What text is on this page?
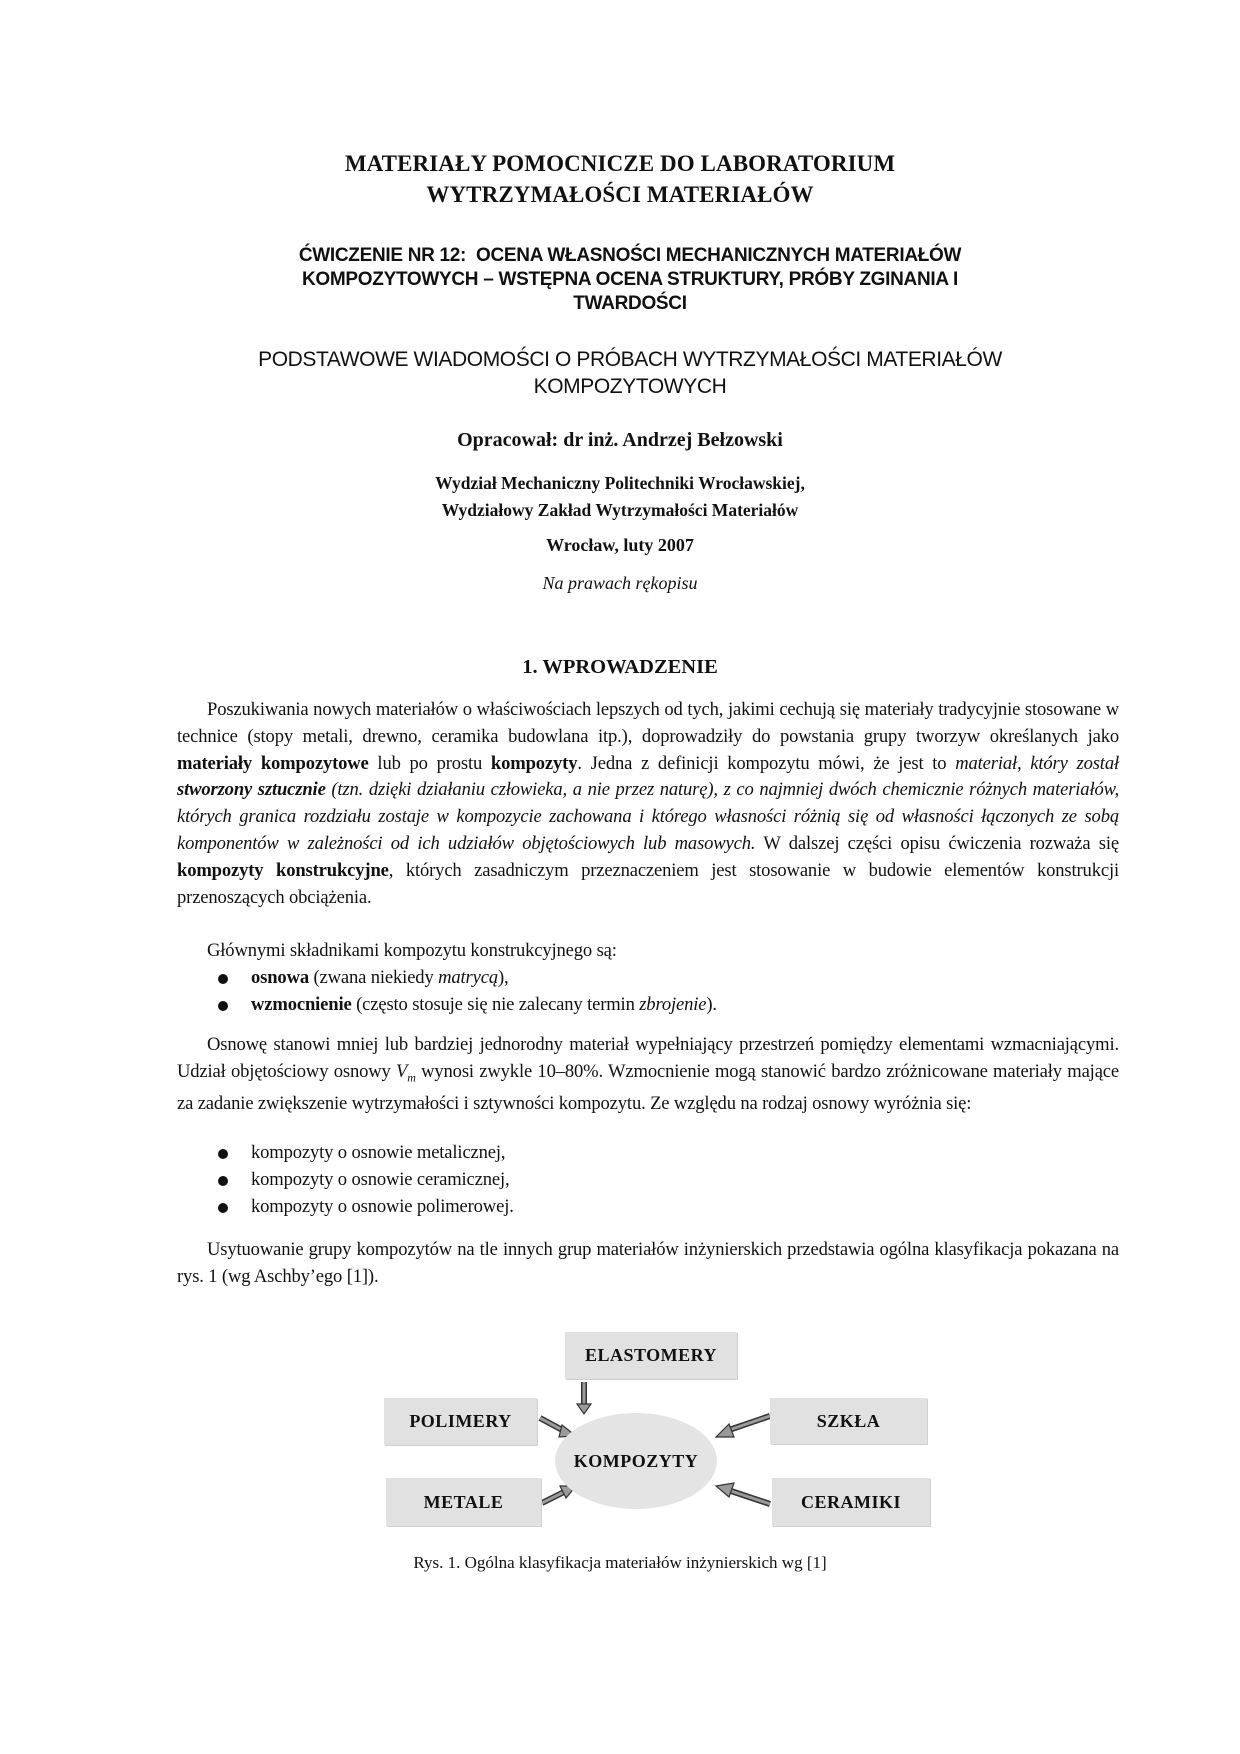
MATERIAŁY POMOCNICZE DO LABORATORIUM
WYTRZYMAŁOŚCI MATERIAŁÓW
ĆWICZENIE NR 12:  OCENA WŁASNOŚCI MECHANICZNYCH MATERIAŁÓW
KOMPOZYTOWYCH – WSTĘPNA OCENA STRUKTURY, PRÓBY ZGINANIA I
TWARDOŚCI
PODSTAWOWE WIADOMOŚCI O PRÓBACH WYTRZYMAŁOŚCI MATERIAŁÓW
KOMPOZYTOWYCH
Opracował: dr inż. Andrzej Bełzowski
Wydział Mechaniczny Politechniki Wrocławskiej,
Wydziałowy Zakład Wytrzymałości Materiałów
Wrocław, luty 2007
Na prawach rękopisu
1. WPROWADZENIE

Poszukiwania nowych materiałów o właściwościach lepszych od tych, jakimi cechują się materiały tradycyjnie stosowane w technice (stopy metali, drewno, ceramika budowlana itp.), doprowadziły do powstania grupy tworzyw określanych jako materiały kompozytowe lub po prostu kompozyty. Jedna z definicji kompozytu mówi, że jest to materiał, który został stworzony sztucznie (tzn. dzięki działaniu człowieka, a nie przez naturę), z co najmniej dwóch chemicznie różnych materiałów, których granica rozdziału zostaje w kompozycie zachowana i którego własności różnią się od własności łączonych ze sobą komponentów w zależności od ich udziałów objętościowych lub masowych. W dalszej części opisu ćwiczenia rozważa się kompozyty konstrukcyjne, których zasadniczym przeznaczeniem jest stosowanie w budowie elementów konstrukcji przenoszących obciążenia.

Głównymi składnikami kompozytu konstrukcyjnego są:

osnowa (zwana niekiedy matrycą),
wzmocnienie (często stosuje się nie zalecany termin zbrojenie).

Osnowę stanowi mniej lub bardziej jednorodny materiał wypełniający przestrzeń pomiędzy elementami wzmacniającymi. Udział objętościowy osnowy $V_m$ wynosi zwykle 10–80%. Wzmocnienie mogą stanowić bardzo zróżnicowane materiały mające za zadanie zwiększenie wytrzymałości i sztywności kompozytu. Ze względu na rodzaj osnowy wyróżnia się:

kompozyty o osnowie metalicznej,
kompozyty o osnowie ceramicznej,
kompozyty o osnowie polimerowej.

Usytuowanie grupy kompozytów na tle innych grup materiałów inżynierskich przedstawia ogólna klasyfikacja pokazana na rys. 1 (wg Aschby’ego [1]).

ELASTOMERY
POLIMERY
METALE
SZKŁA
CERAMIKI
KOMPOZYTY
Rys. 1. Ogólna klasyfikacja materiałów inżynierskich wg [1]
